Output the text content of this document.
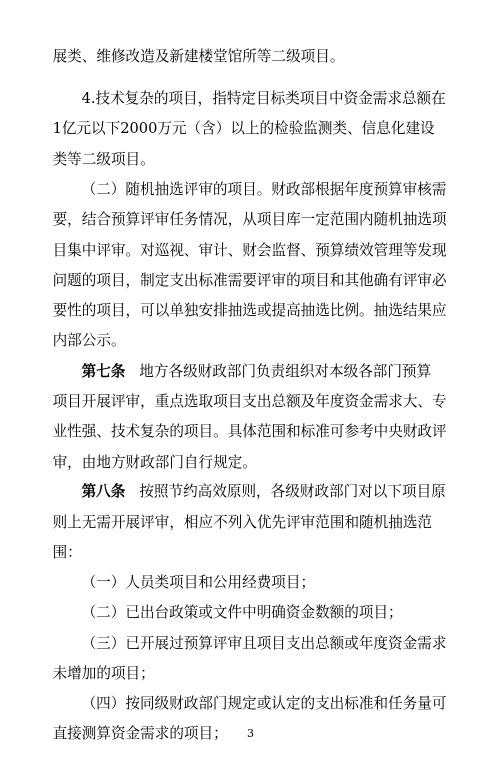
展类、维修改造及新建楼堂馆所等二级项目。

4.技术复杂的项目，指特定目标类项目中资金需求总额在

1亿元以下2000万元（含）以上的检验监测类、信息化建设

类等二级项目。

（二）随机抽选评审的项目。财政部根据年度预算审核需

要，结合预算评审任务情况，从项目库一定范围内随机抽选项

目集中评审。对巡视、审计、财会监督、预算绩效管理等发现

问题的项目，制定支出标准需要评审的项目和其他确有评审必

要性的项目，可以单独安排抽选或提高抽选比例。抽选结果应

内部公示。

第七条 地方各级财政部门负责组织对本级各部门预算

项目开展评审，重点选取项目支出总额及年度资金需求大、专

业性强、技术复杂的项目。具体范围和标准可参考中央财政评

审，由地方财政部门自行规定。

第八条 按照节约高效原则，各级财政部门对以下项目原

则上无需开展评审，相应不列入优先评审范围和随机抽选范

围：

（一）人员类项目和公用经费项目；

（二）已出台政策或文件中明确资金数额的项目；

（三）已开展过预算评审且项目支出总额或年度资金需求

未增加的项目；

（四）按同级财政部门规定或认定的支出标准和任务量可

直接测算资金需求的项目；
	3
